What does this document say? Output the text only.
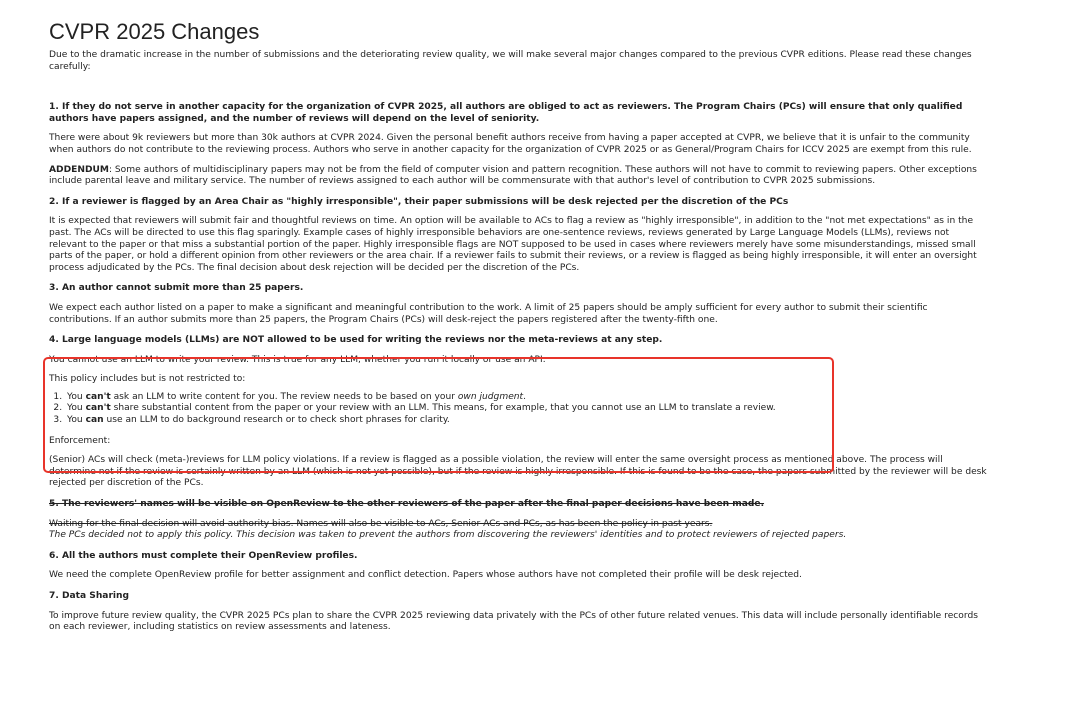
CVPR 2025 Changes

Due to the dramatic increase in the number of submissions and the deteriorating review quality, we will make several major changes compared to the previous CVPR editions. Please read these changes carefully:

1. If they do not serve in another capacity for the organization of CVPR 2025, all authors are obliged to act as reviewers. The Program Chairs (PCs) will ensure that only qualified authors have papers assigned, and the number of reviews will depend on the level of seniority.

There were about 9k reviewers but more than 30k authors at CVPR 2024. Given the personal benefit authors receive from having a paper accepted at CVPR, we believe that it is unfair to the community when authors do not contribute to the reviewing process. Authors who serve in another capacity for the organization of CVPR 2025 or as General/Program Chairs for ICCV 2025 are exempt from this rule.

ADDENDUM: Some authors of multidisciplinary papers may not be from the field of computer vision and pattern recognition. These authors will not have to commit to reviewing papers. Other exceptions include parental leave and military service. The number of reviews assigned to each author will be commensurate with that author's level of contribution to CVPR 2025 submissions.

2. If a reviewer is flagged by an Area Chair as "highly irresponsible", their paper submissions will be desk rejected per the discretion of the PCs

It is expected that reviewers will submit fair and thoughtful reviews on time. An option will be available to ACs to flag a review as "highly irresponsible", in addition to the "not met expectations" as in the past. The ACs will be directed to use this flag sparingly. Example cases of highly irresponsible behaviors are one-sentence reviews, reviews generated by Large Language Models (LLMs), reviews not relevant to the paper or that miss a substantial portion of the paper. Highly irresponsible flags are NOT supposed to be used in cases where reviewers merely have some misunderstandings, missed small parts of the paper, or hold a different opinion from other reviewers or the area chair. If a reviewer fails to submit their reviews, or a review is flagged as being highly irresponsible, it will enter an oversight process adjudicated by the PCs. The final decision about desk rejection will be decided per the discretion of the PCs.

3. An author cannot submit more than 25 papers.

We expect each author listed on a paper to make a significant and meaningful contribution to the work. A limit of 25 papers should be amply sufficient for every author to submit their scientific contributions. If an author submits more than 25 papers, the Program Chairs (PCs) will desk-reject the papers registered after the twenty-fifth one.

4. Large language models (LLMs) are NOT allowed to be used for writing the reviews nor the meta-reviews at any step.

You cannot use an LLM to write your review. This is true for any LLM, whether you run it locally or use an API.

This policy includes but is not restricted to:

1. You can't ask an LLM to write content for you. The review needs to be based on your own judgment.
2. You can't share substantial content from the paper or your review with an LLM. This means, for example, that you cannot use an LLM to translate a review.
3. You can use an LLM to do background research or to check short phrases for clarity.

Enforcement:

(Senior) ACs will check (meta-)reviews for LLM policy violations. If a review is flagged as a possible violation, the review will enter the same oversight process as mentioned above. The process will determine not if the review is certainly written by an LLM (which is not yet possible), but if the review is highly irresponsible. If this is found to be the case, the papers submitted by the reviewer will be desk rejected per discretion of the PCs.

5. The reviewers' names will be visible on OpenReview to the other reviewers of the paper after the final paper decisions have been made.

Waiting for the final decision will avoid authority bias. Names will also be visible to ACs, Senior ACs and PCs, as has been the policy in past years.

The PCs decided not to apply this policy. This decision was taken to prevent the authors from discovering the reviewers' identities and to protect reviewers of rejected papers.

6. All the authors must complete their OpenReview profiles.

We need the complete OpenReview profile for better assignment and conflict detection. Papers whose authors have not completed their profile will be desk rejected.

7. Data Sharing

To improve future review quality, the CVPR 2025 PCs plan to share the CVPR 2025 reviewing data privately with the PCs of other future related venues. This data will include personally identifiable records on each reviewer, including statistics on review assessments and lateness.
